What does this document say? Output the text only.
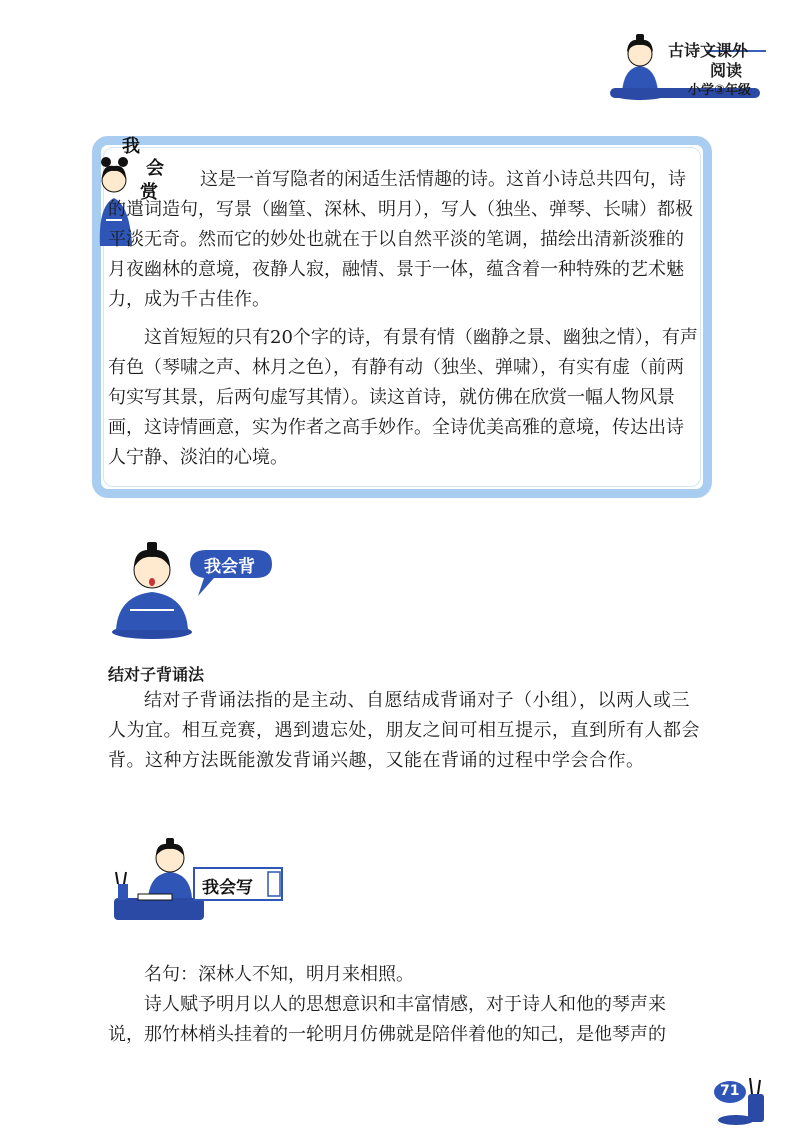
古诗文课外
阅读
小学③年级
我
会
赏
这是一首写隐者的闲适生活情趣的诗。这首小诗总共四句，诗的遣词造句，写景（幽篁、深林、明月），写人（独坐、弹琴、长啸）都极平淡无奇。然而它的妙处也就在于以自然平淡的笔调，描绘出清新淡雅的月夜幽林的意境，夜静人寂，融情、景于一体，蕴含着一种特殊的艺术魅力，成为千古佳作。
这首短短的只有20个字的诗，有景有情（幽静之景、幽独之情），有声有色（琴啸之声、林月之色），有静有动（独坐、弹啸），有实有虚（前两句实写其景，后两句虚写其情）。读这首诗，就仿佛在欣赏一幅人物风景画，这诗情画意，实为作者之高手妙作。全诗优美高雅的意境，传达出诗人宁静、淡泊的心境。
我会背
结对子背诵法
结对子背诵法指的是主动、自愿结成背诵对子（小组），以两人或三人为宜。相互竞赛，遇到遗忘处，朋友之间可相互提示，直到所有人都会背。这种方法既能激发背诵兴趣，又能在背诵的过程中学会合作。
我会写
名句：深林人不知，明月来相照。
诗人赋予明月以人的思想意识和丰富情感，对于诗人和他的琴声来说，那竹林梢头挂着的一轮明月仿佛就是陪伴着他的知己，是他琴声的
71
